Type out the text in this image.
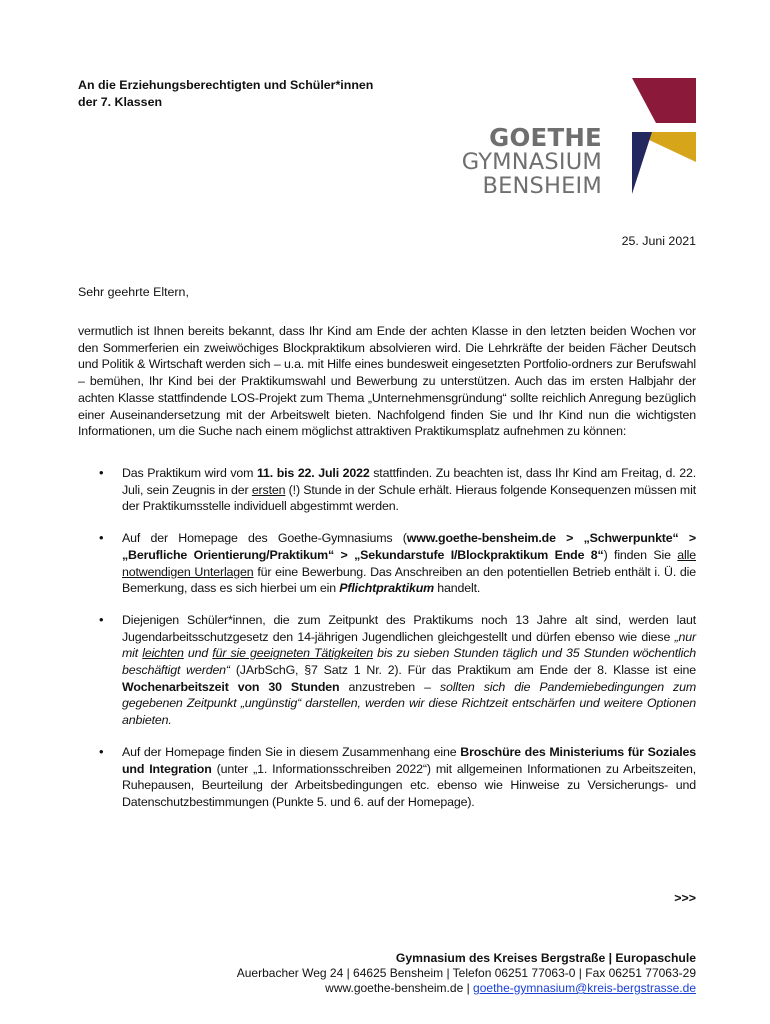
An die Erziehungsberechtigten und Schüler*innen
der 7. Klassen
GOETHE
GYMNASIUM
BENSHEIM
25. Juni 2021
Sehr geehrte Eltern,
vermutlich ist Ihnen bereits bekannt, dass Ihr Kind am Ende der achten Klasse in den letzten beiden Wochen vor den Sommerferien ein zweiwöchiges Blockpraktikum absolvieren wird. Die Lehrkräfte der beiden Fächer Deutsch und Politik & Wirtschaft werden sich – u.a. mit Hilfe eines bundesweit eingesetzten Portfolio-ordners zur Berufswahl – bemühen, Ihr Kind bei der Praktikumswahl und Bewerbung zu unterstützen. Auch das im ersten Halbjahr der achten Klasse stattfindende LOS-Projekt zum Thema „Unternehmensgründung“ sollte reichlich Anregung bezüglich einer Auseinandersetzung mit der Arbeitswelt bieten. Nachfolgend finden Sie und Ihr Kind nun die wichtigsten Informationen, um die Suche nach einem möglichst attraktiven Praktikumsplatz aufnehmen zu können:
• Das Praktikum wird vom 11. bis 22. Juli 2022 stattfinden. Zu beachten ist, dass Ihr Kind am Freitag, d. 22. Juli, sein Zeugnis in der ersten (!) Stunde in der Schule erhält. Hieraus folgende Konsequenzen müssen mit der Praktikumsstelle individuell abgestimmt werden.
• Auf der Homepage des Goethe-Gymnasiums (www.goethe-bensheim.de > „Schwerpunkte“ > „Berufliche Orientierung/Praktikum“ > „Sekundarstufe I/Blockpraktikum Ende 8“) finden Sie alle notwendigen Unterlagen für eine Bewerbung. Das Anschreiben an den potentiellen Betrieb enthält i. Ü. die Bemerkung, dass es sich hierbei um ein Pflichtpraktikum handelt.
• Diejenigen Schüler*innen, die zum Zeitpunkt des Praktikums noch 13 Jahre alt sind, werden laut Jugendarbeitsschutzgesetz den 14-jährigen Jugendlichen gleichgestellt und dürfen ebenso wie diese „nur mit leichten und für sie geeigneten Tätigkeiten bis zu sieben Stunden täglich und 35 Stunden wöchentlich beschäftigt werden“ (JArbSchG, §7 Satz 1 Nr. 2). Für das Praktikum am Ende der 8. Klasse ist eine Wochenarbeitszeit von 30 Stunden anzustreben – sollten sich die Pandemiebedingungen zum gegebenen Zeitpunkt „ungünstig“ darstellen, werden wir diese Richtzeit entschärfen und weitere Optionen anbieten.
• Auf der Homepage finden Sie in diesem Zusammenhang eine Broschüre des Ministeriums für Soziales und Integration (unter „1. Informationsschreiben 2022“) mit allgemeinen Informationen zu Arbeitszeiten, Ruhepausen, Beurteilung der Arbeitsbedingungen etc. ebenso wie Hinweise zu Versicherungs- und Datenschutzbestimmungen (Punkte 5. und 6. auf der Homepage).
>>>
Gymnasium des Kreises Bergstraße | Europaschule
Auerbacher Weg 24 | 64625 Bensheim | Telefon 06251 77063-0 | Fax 06251 77063-29
www.goethe-bensheim.de | goethe-gymnasium@kreis-bergstrasse.de
